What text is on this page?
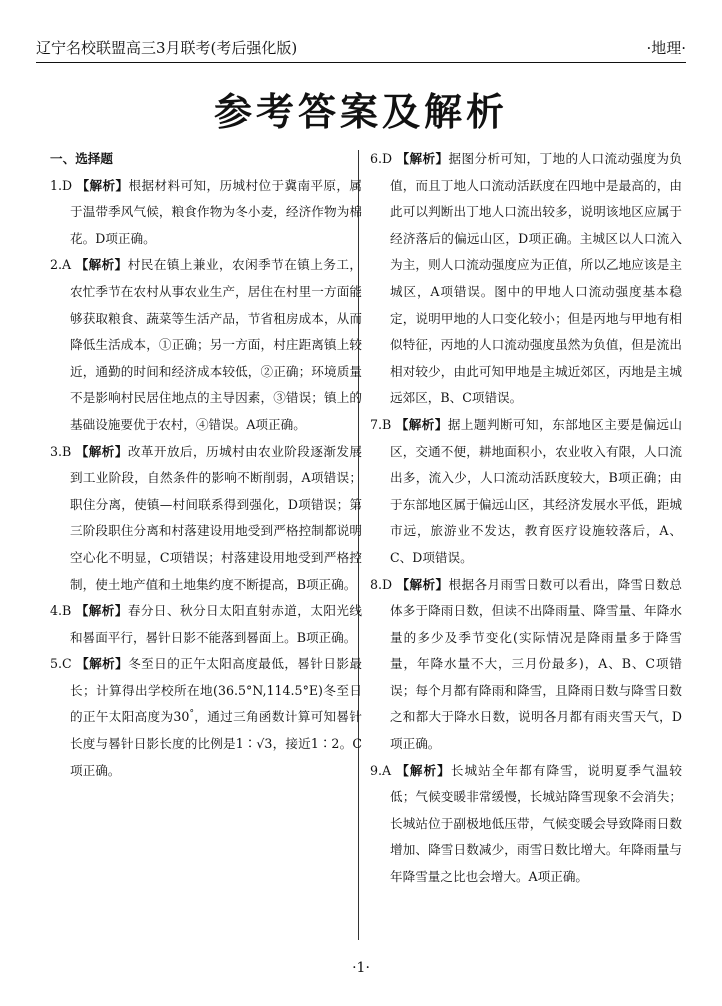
辽宁名校联盟高三3月联考(考后强化版)	·地理·
参考答案及解析

一、选择题

1.D 【解析】根据材料可知，历城村位于冀南平原，属于温带季风气候，粮食作物为冬小麦，经济作物为棉花。D项正确。

2.A 【解析】村民在镇上兼业，农闲季节在镇上务工，农忙季节在农村从事农业生产，居住在村里一方面能够获取粮食、蔬菜等生活产品，节省租房成本，从而降低生活成本，①正确；另一方面，村庄距离镇上较近，通勤的时间和经济成本较低，②正确；环境质量不是影响村民居住地点的主导因素，③错误；镇上的基础设施要优于农村，④错误。A项正确。

3.B 【解析】改革开放后，历城村由农业阶段逐渐发展到工业阶段，自然条件的影响不断削弱，A项错误；职住分离，使镇—村间联系得到强化，D项错误；第三阶段职住分离和村落建设用地受到严格控制都说明空心化不明显，C项错误；村落建设用地受到严格控制，使土地产值和土地集约度不断提高，B项正确。

4.B 【解析】春分日、秋分日太阳直射赤道，太阳光线和晷面平行，晷针日影不能落到晷面上。B项正确。

5.C 【解析】冬至日的正午太阳高度最低，晷针日影最长；计算得出学校所在地(36.5°N,114.5°E)冬至日的正午太阳高度为30°，通过三角函数计算可知晷针长度与晷针日影长度的比例是1∶√3，接近1∶2。C项正确。

6.D 【解析】据图分析可知，丁地的人口流动强度为负值，而且丁地人口流动活跃度在四地中是最高的，由此可以判断出丁地人口流出较多，说明该地区应属于经济落后的偏远山区，D项正确。主城区以人口流入为主，则人口流动强度应为正值，所以乙地应该是主城区，A项错误。图中的甲地人口流动强度基本稳定，说明甲地的人口变化较小；但是丙地与甲地有相似特征，丙地的人口流动强度虽然为负值，但是流出相对较少，由此可知甲地是主城近郊区，丙地是主城远郊区，B、C项错误。

7.B 【解析】据上题判断可知，东部地区主要是偏远山区，交通不便，耕地面积小，农业收入有限，人口流出多，流入少，人口流动活跃度较大，B项正确；由于东部地区属于偏远山区，其经济发展水平低，距城市远，旅游业不发达，教育医疗设施较落后，A、C、D项错误。

8.D 【解析】根据各月雨雪日数可以看出，降雪日数总体多于降雨日数，但读不出降雨量、降雪量、年降水量的多少及季节变化(实际情况是降雨量多于降雪量，年降水量不大，三月份最多)，A、B、C项错误；每个月都有降雨和降雪，且降雨日数与降雪日数之和都大于降水日数，说明各月都有雨夹雪天气，D项正确。

9.A 【解析】长城站全年都有降雪，说明夏季气温较低；气候变暖非常缓慢，长城站降雪现象不会消失；长城站位于副极地低压带，气候变暖会导致降雨日数增加、降雪日数减少，雨雪日数比增大。年降雨量与年降雪量之比也会增大。A项正确。

·1·
